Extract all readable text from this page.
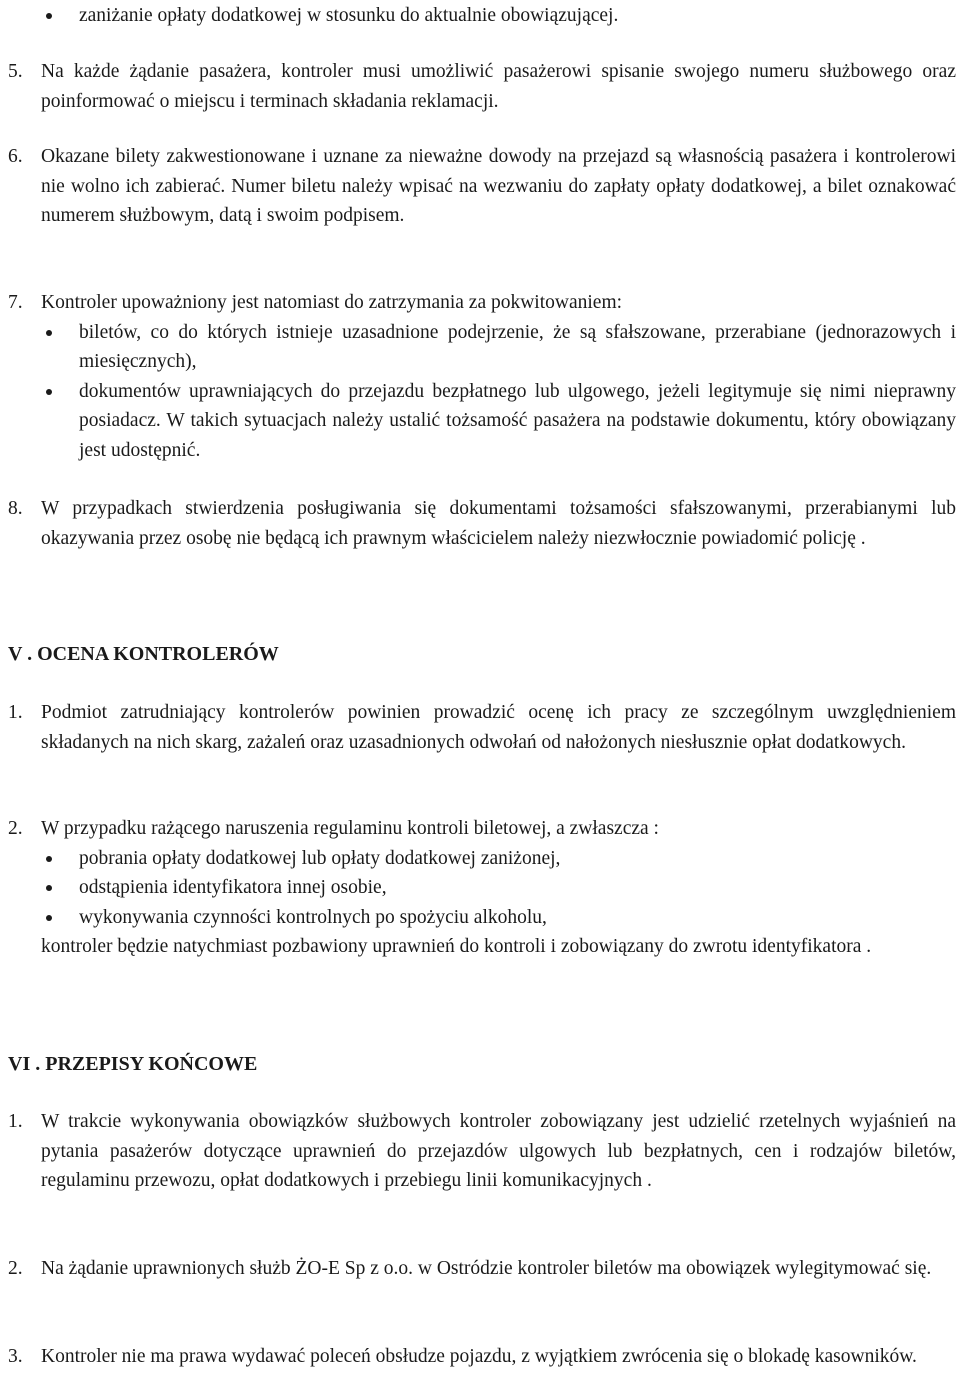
zaniżanie opłaty dodatkowej w stosunku do aktualnie obowiązującej.

5. Na każde żądanie pasażera, kontroler musi umożliwić pasażerowi spisanie swojego numeru służbowego oraz poinformować o miejscu i terminach składania reklamacji.

6. Okazane bilety zakwestionowane i uznane za nieważne dowody na przejazd są własnością pasażera i kontrolerowi nie wolno ich zabierać. Numer biletu należy wpisać na wezwaniu do zapłaty opłaty dodatkowej, a bilet oznakować numerem służbowym, datą i swoim podpisem.

7. Kontroler upoważniony jest natomiast do zatrzymania za pokwitowaniem:

biletów, co do których istnieje uzasadnione podejrzenie, że są sfałszowane, przerabiane (jednorazowych i miesięcznych),

dokumentów uprawniających do przejazdu bezpłatnego lub ulgowego, jeżeli legitymuje się nimi nieprawny posiadacz. W takich sytuacjach należy ustalić tożsamość pasażera na podstawie dokumentu, który obowiązany jest udostępnić.

8. W przypadkach stwierdzenia posługiwania się dokumentami tożsamości sfałszowanymi, przerabianymi lub okazywania przez osobę nie będącą ich prawnym właścicielem należy niezwłocznie powiadomić policję .

V . OCENA KONTROLERÓW

1. Podmiot zatrudniający kontrolerów powinien prowadzić ocenę ich pracy ze szczególnym uwzględnieniem składanych na nich skarg, zażaleń oraz uzasadnionych odwołań od nałożonych niesłusznie opłat dodatkowych.

2. W przypadku rażącego naruszenia regulaminu kontroli biletowej, a zwłaszcza :

pobrania opłaty dodatkowej lub opłaty dodatkowej zaniżonej,

odstąpienia identyfikatora innej osobie,

wykonywania czynności kontrolnych po spożyciu alkoholu,

kontroler będzie natychmiast pozbawiony uprawnień do kontroli i zobowiązany do zwrotu identyfikatora .

VI . PRZEPISY KOŃCOWE

1. W trakcie wykonywania obowiązków służbowych kontroler zobowiązany jest udzielić rzetelnych wyjaśnień na pytania pasażerów dotyczące uprawnień do przejazdów ulgowych lub bezpłatnych, cen i rodzajów biletów, regulaminu przewozu, opłat dodatkowych i przebiegu linii komunikacyjnych .

2. Na żądanie uprawnionych służb ŻO-E Sp z o.o. w Ostródzie kontroler biletów ma obowiązek wylegitymować się.

3. Kontroler nie ma prawa wydawać poleceń obsłudze pojazdu, z wyjątkiem zwrócenia się o blokadę kasowników.
